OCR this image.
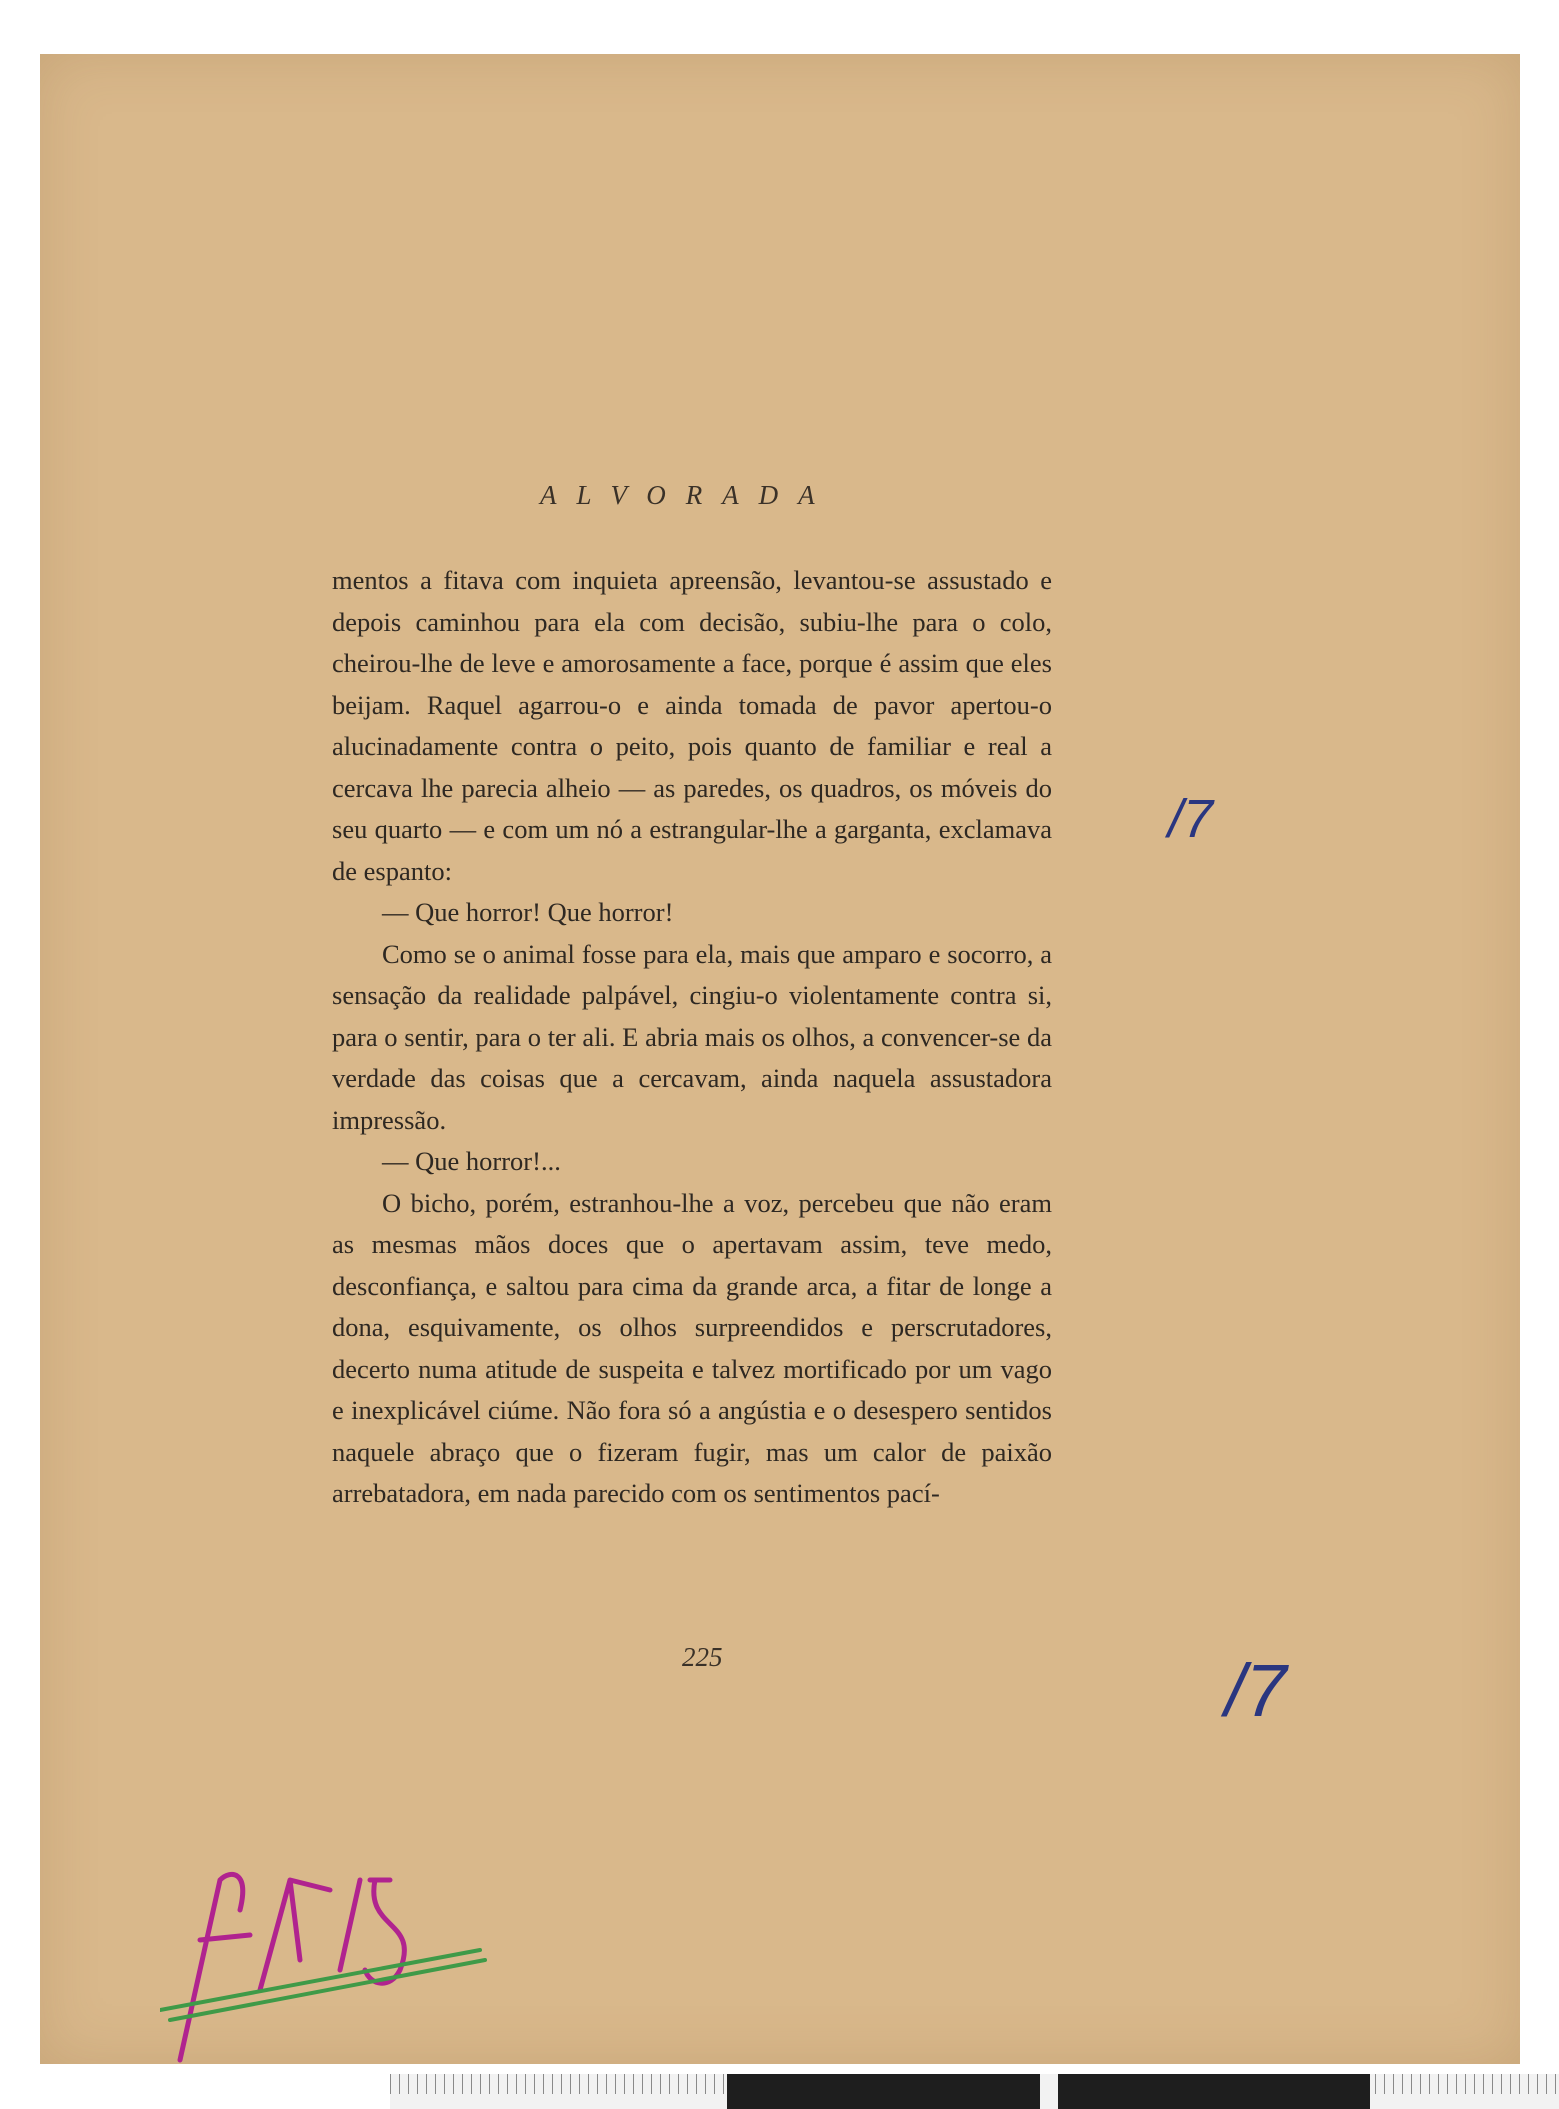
ALVORADA

mentos a fitava com inquieta apreensão, levantou-se assustado e depois caminhou para ela com decisão, subiu-lhe para o colo, cheirou-lhe de leve e amorosamente a face, porque é assim que eles beijam. Raquel agarrou-o e ainda tomada de pavor apertou-o alucinadamente contra o peito, pois quanto de familiar e real a cercava lhe parecia alheio — as paredes, os quadros, os móveis do seu quarto — e com um nó a estrangular-lhe a garganta, exclamava de espanto:

— Que horror! Que horror!

Como se o animal fosse para ela, mais que amparo e socorro, a sensação da realidade palpável, cingiu-o violentamente contra si, para o sentir, para o ter ali. E abria mais os olhos, a convencer-se da verdade das coisas que a cercavam, ainda naquela assustadora impressão.

— Que horror!...

O bicho, porém, estranhou-lhe a voz, percebeu que não eram as mesmas mãos doces que o apertavam assim, teve medo, desconfiança, e saltou para cima da grande arca, a fitar de longe a dona, esquivamente, os olhos surpreendidos e perscrutadores, decerto numa atitude de suspeita e talvez mortificado por um vago e inexplicável ciúme. Não fora só a angústia e o desespero sentidos naquele abraço que o fizeram fugir, mas um calor de paixão arrebatadora, em nada parecido com os sentimentos pací-

225
/7
/7
